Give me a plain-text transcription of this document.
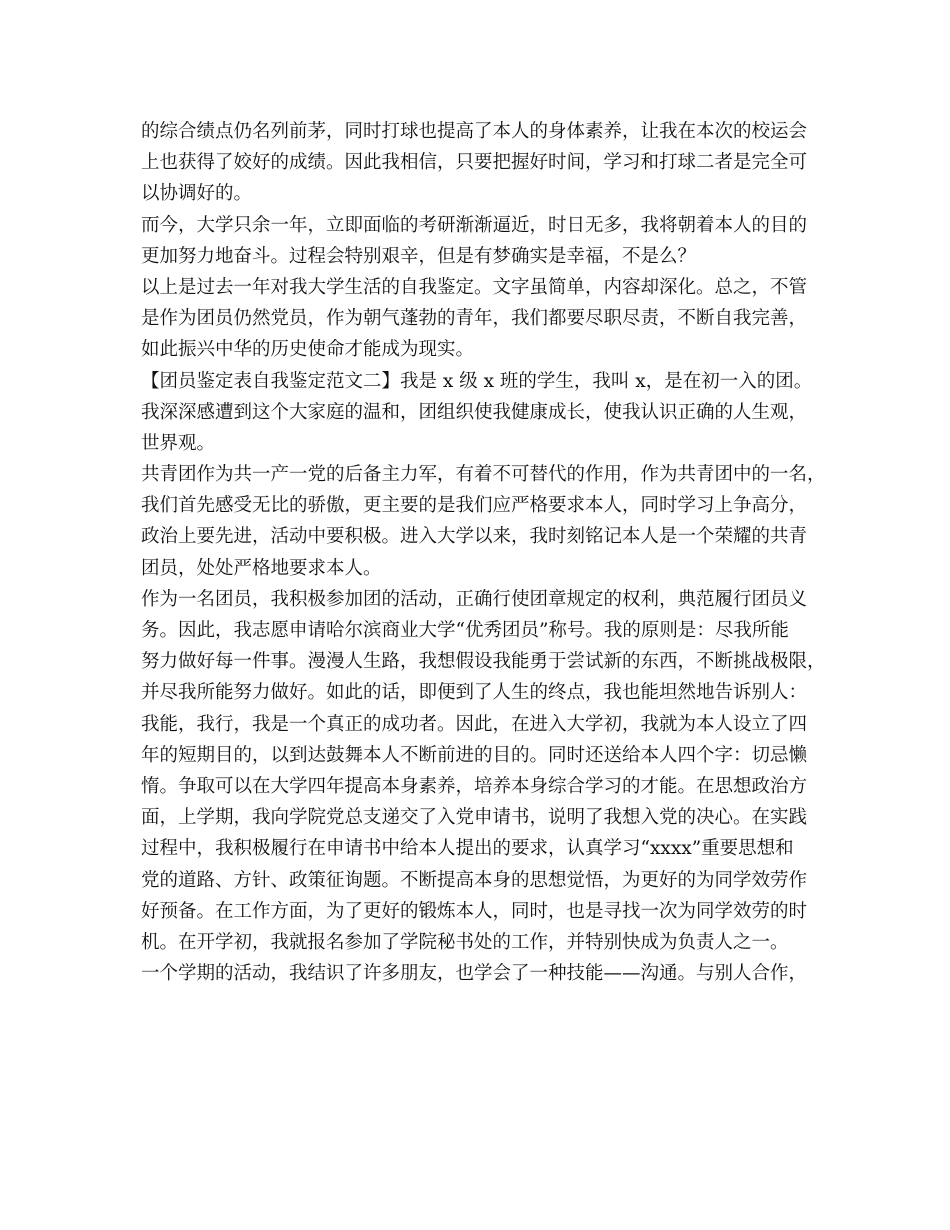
的综合绩点仍名列前茅，同时打球也提高了本人的身体素养，让我在本次的校运会
上也获得了姣好的成绩。因此我相信，只要把握好时间，学习和打球二者是完全可
以协调好的。
而今，大学只余一年，立即面临的考研渐渐逼近，时日无多，我将朝着本人的目的
更加努力地奋斗。过程会特别艰辛，但是有梦确实是幸福，不是么？
以上是过去一年对我大学生活的自我鉴定。文字虽简单，内容却深化。总之，不管
是作为团员仍然党员，作为朝气蓬勃的青年，我们都要尽职尽责，不断自我完善，
如此振兴中华的历史使命才能成为现实。
【团员鉴定表自我鉴定范文二】我是 x 级 x 班的学生，我叫 x，是在初一入的团。
我深深感遭到这个大家庭的温和，团组织使我健康成长，使我认识正确的人生观，
世界观。
共青团作为共一产一党的后备主力军，有着不可替代的作用，作为共青团中的一名，
我们首先感受无比的骄傲，更主要的是我们应严格要求本人，同时学习上争高分，
政治上要先进，活动中要积极。进入大学以来，我时刻铭记本人是一个荣耀的共青
团员，处处严格地要求本人。
作为一名团员，我积极参加团的活动，正确行使团章规定的权利，典范履行团员义
务。因此，我志愿申请哈尔滨商业大学“优秀团员”称号。我的原则是：尽我所能
努力做好每一件事。漫漫人生路，我想假设我能勇于尝试新的东西，不断挑战极限，
并尽我所能努力做好。如此的话，即便到了人生的终点，我也能坦然地告诉别人：
我能，我行，我是一个真正的成功者。因此，在进入大学初，我就为本人设立了四
年的短期目的，以到达鼓舞本人不断前进的目的。同时还送给本人四个字：切忌懒
惰。争取可以在大学四年提高本身素养，培养本身综合学习的才能。在思想政治方
面，上学期，我向学院党总支递交了入党申请书，说明了我想入党的决心。在实践
过程中，我积极履行在申请书中给本人提出的要求，认真学习“xxxx”重要思想和
党的道路、方针、政策征询题。不断提高本身的思想觉悟，为更好的为同学效劳作
好预备。在工作方面，为了更好的锻炼本人，同时，也是寻找一次为同学效劳的时
机。在开学初，我就报名参加了学院秘书处的工作，并特别快成为负责人之一。
一个学期的活动，我结识了许多朋友，也学会了一种技能——沟通。与别人合作，
